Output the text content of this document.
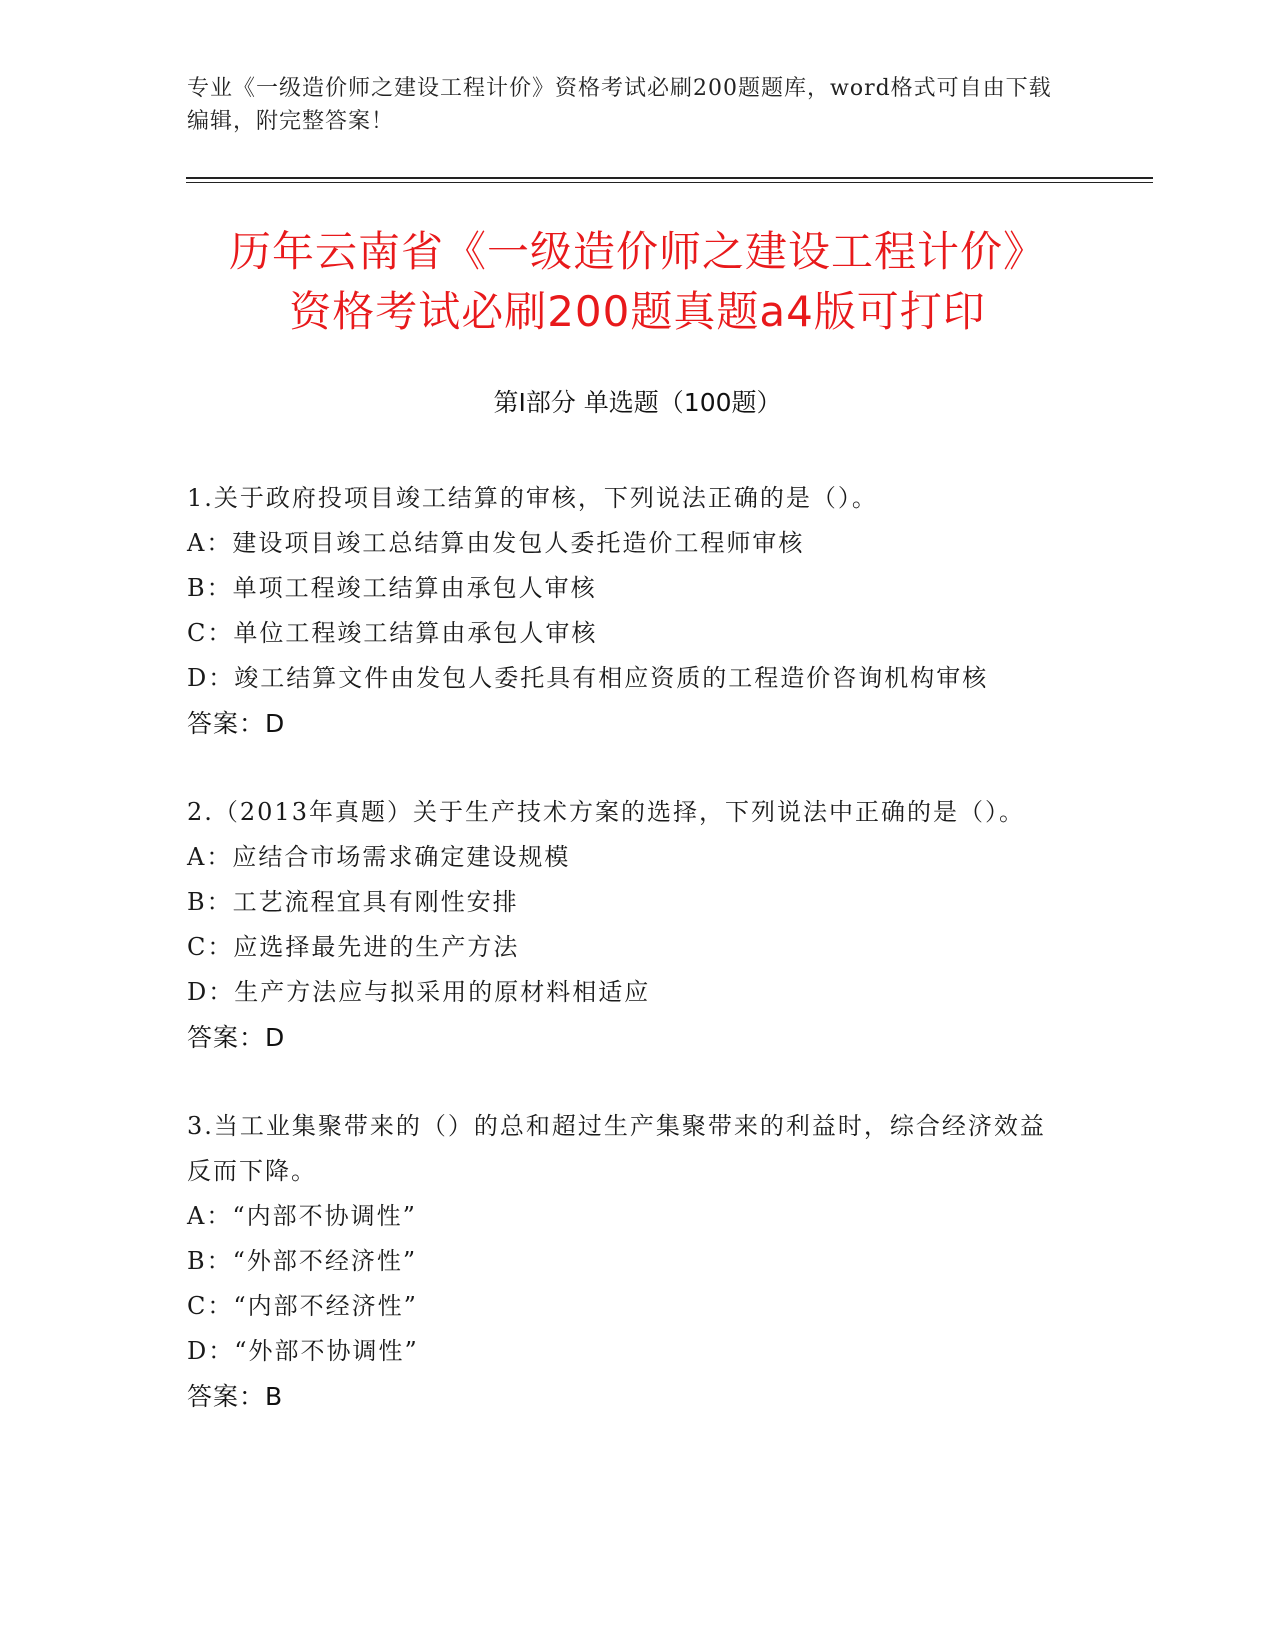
专业《一级造价师之建设工程计价》资格考试必刷200题题库，word格式可自由下载编辑，附完整答案！
历年云南省《一级造价师之建设工程计价》
资格考试必刷200题真题a4版可打印
第Ⅰ部分 单选题（100题）
1.关于政府投项目竣工结算的审核，下列说法正确的是（）。
A：建设项目竣工总结算由发包人委托造价工程师审核
B：单项工程竣工结算由承包人审核
C：单位工程竣工结算由承包人审核
D：竣工结算文件由发包人委托具有相应资质的工程造价咨询机构审核
答案：D
2.（2013年真题）关于生产技术方案的选择，下列说法中正确的是（）。
A：应结合市场需求确定建设规模
B：工艺流程宜具有刚性安排
C：应选择最先进的生产方法
D：生产方法应与拟采用的原材料相适应
答案：D
3.当工业集聚带来的（）的总和超过生产集聚带来的利益时，综合经济效益反而下降。
A：“内部不协调性”
B：“外部不经济性”
C：“内部不经济性”
D：“外部不协调性”
答案：B
